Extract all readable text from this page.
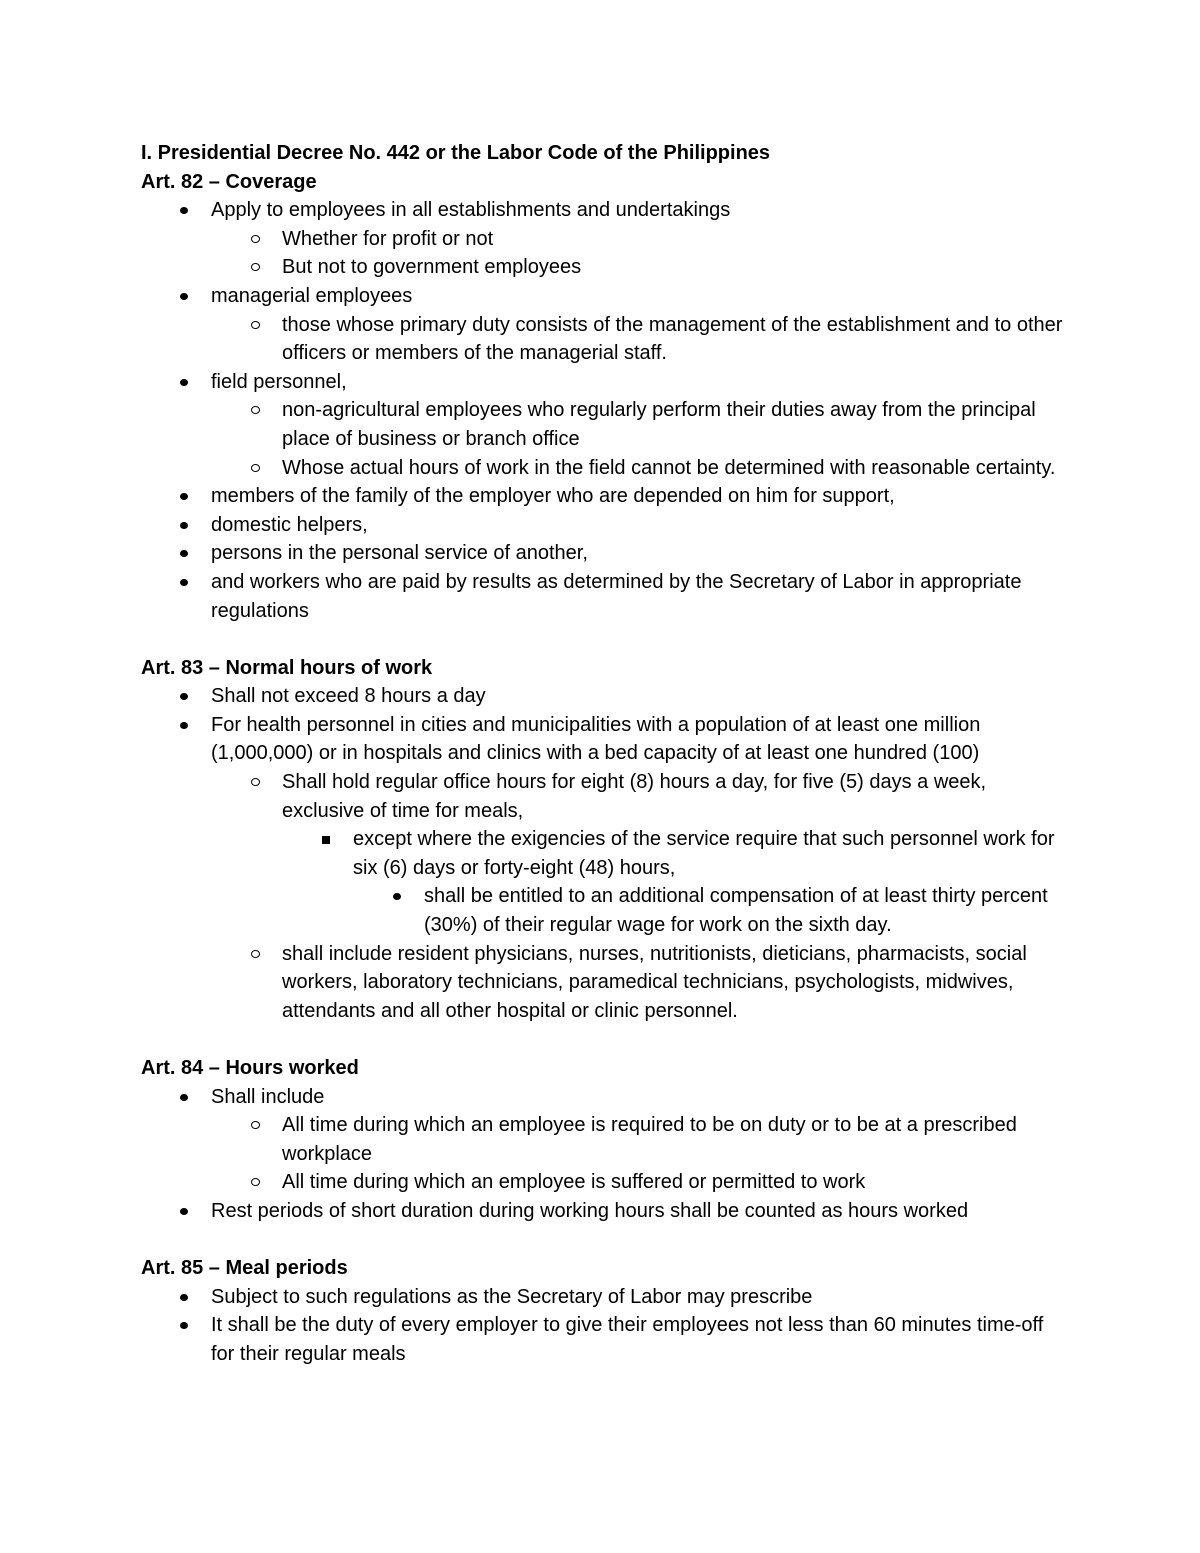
I. Presidential Decree No. 442 or the Labor Code of the Philippines

Art. 82 – Coverage

Apply to employees in all establishments and undertakings
Whether for profit or not
But not to government employees
managerial employees
those whose primary duty consists of the management of the establishment and to other officers or members of the managerial staff.
field personnel,
non-agricultural employees who regularly perform their duties away from the principal place of business or branch office
Whose actual hours of work in the field cannot be determined with reasonable certainty.
members of the family of the employer who are depended on him for support,
domestic helpers,
persons in the personal service of another,
and workers who are paid by results as determined by the Secretary of Labor in appropriate regulations

Art. 83 – Normal hours of work

Shall not exceed 8 hours a day
For health personnel in cities and municipalities with a population of at least one million (1,000,000) or in hospitals and clinics with a bed capacity of at least one hundred (100)
Shall hold regular office hours for eight (8) hours a day, for five (5) days a week, exclusive of time for meals,
except where the exigencies of the service require that such personnel work for six (6) days or forty-eight (48) hours,
shall be entitled to an additional compensation of at least thirty percent (30%) of their regular wage for work on the sixth day.
shall include resident physicians, nurses, nutritionists, dieticians, pharmacists, social workers, laboratory technicians, paramedical technicians, psychologists, midwives, attendants and all other hospital or clinic personnel.

Art. 84 – Hours worked

Shall include
All time during which an employee is required to be on duty or to be at a prescribed workplace
All time during which an employee is suffered or permitted to work
Rest periods of short duration during working hours shall be counted as hours worked

Art. 85 – Meal periods

Subject to such regulations as the Secretary of Labor may prescribe
It shall be the duty of every employer to give their employees not less than 60 minutes time-off for their regular meals
